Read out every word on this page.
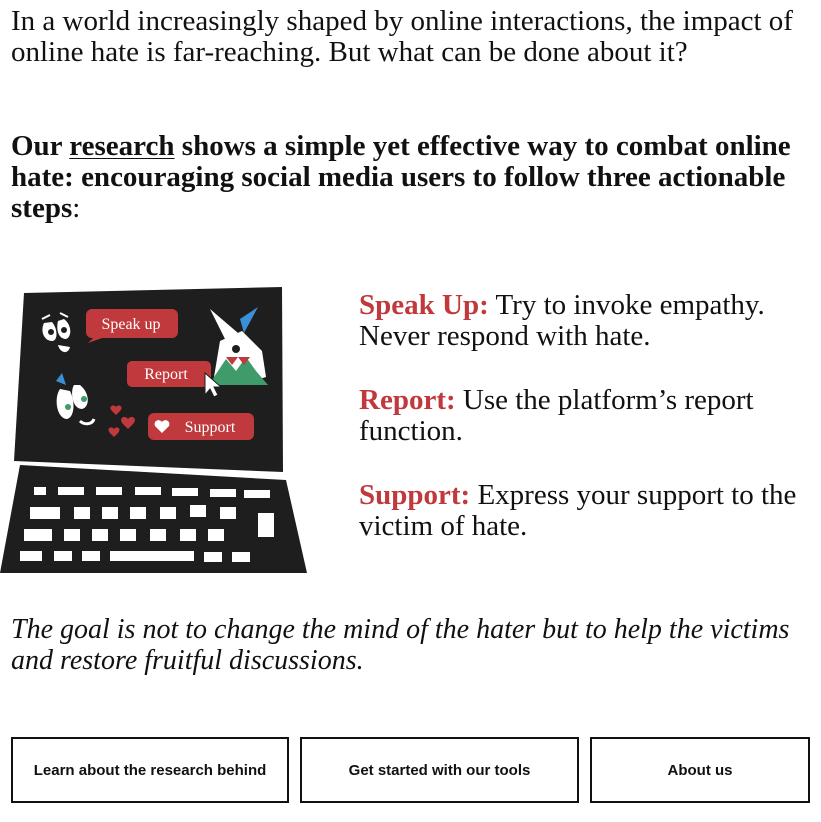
In a world increasingly shaped by online interactions, the impact of online hate is far-reaching. But what can be done about it?

Our research shows a simple yet effective way to combat online hate: encouraging social media users to follow three actionable steps:

Speak up
Report
Support

Speak Up: Try to invoke empathy. Never respond with hate.

Report: Use the platform’s report function.

Support: Express your support to the victim of hate.

The goal is not to change the mind of the hater but to help the victims and restore fruitful discussions.

Learn about the research behind	Get started with our tools	About us
